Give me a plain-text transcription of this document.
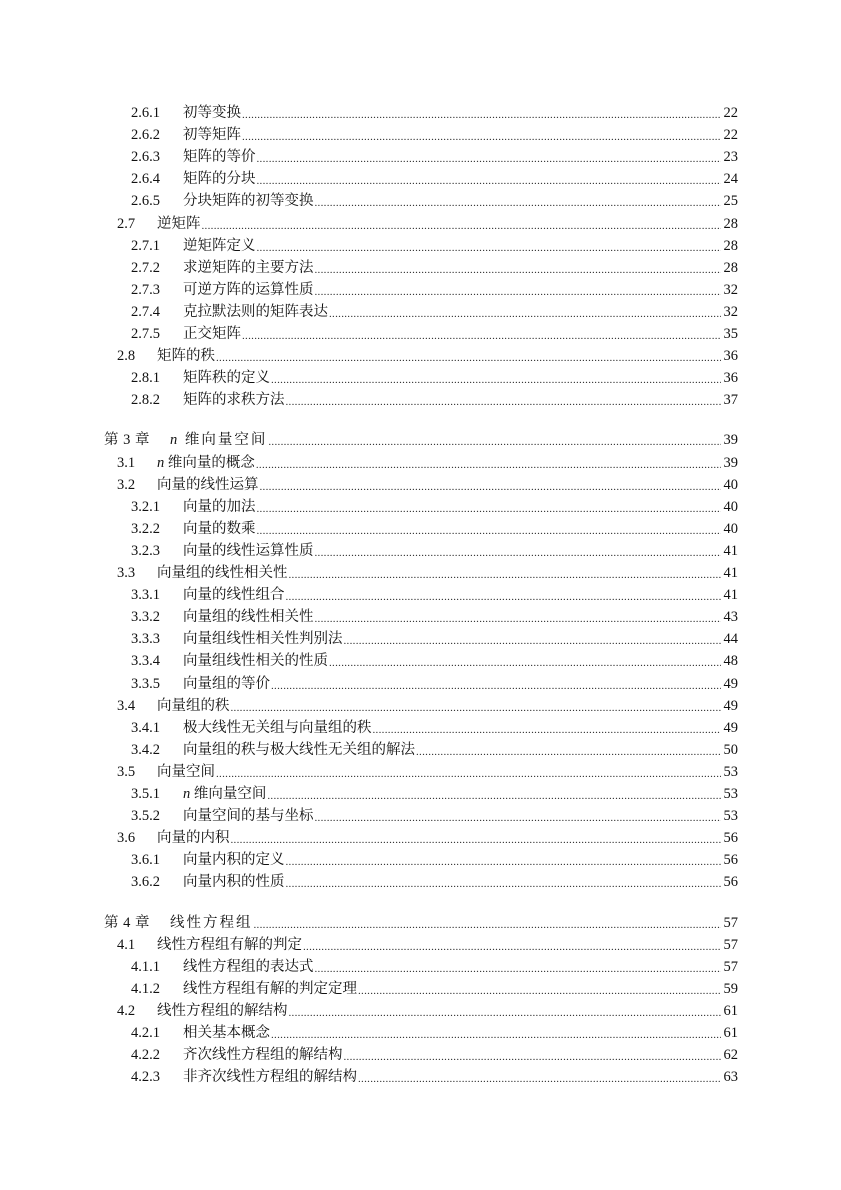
2.6.1	初等变换 .....	22
2.6.2	初等矩阵 .....	22
2.6.3	矩阵的等价 .....	23
2.6.4	矩阵的分块 .....	24
2.6.5	分块矩阵的初等变换 .....	25
2.7	逆矩阵 .....	28
2.7.1	逆矩阵定义 .....	28
2.7.2	求逆矩阵的主要方法 .....	28
2.7.3	可逆方阵的运算性质 .....	32
2.7.4	克拉默法则的矩阵表达 .....	32
2.7.5	正交矩阵 .....	35
2.8	矩阵的秩 .....	36
2.8.1	矩阵秩的定义 .....	36
2.8.2	矩阵的求秩方法 .....	37
第 3 章	n 维向量空间 .....	39
3.1	n 维向量的概念 .....	39
3.2	向量的线性运算 .....	40
3.2.1	向量的加法 .....	40
3.2.2	向量的数乘 .....	40
3.2.3	向量的线性运算性质 .....	41
3.3	向量组的线性相关性 .....	41
3.3.1	向量的线性组合 .....	41
3.3.2	向量组的线性相关性 .....	43
3.3.3	向量组线性相关性判别法 .....	44
3.3.4	向量组线性相关的性质 .....	48
3.3.5	向量组的等价 .....	49
3.4	向量组的秩 .....	49
3.4.1	极大线性无关组与向量组的秩 .....	49
3.4.2	向量组的秩与极大线性无关组的解法 .....	50
3.5	向量空间 .....	53
3.5.1	n 维向量空间 .....	53
3.5.2	向量空间的基与坐标 .....	53
3.6	向量的内积 .....	56
3.6.1	向量内积的定义 .....	56
3.6.2	向量内积的性质 .....	56
第 4 章	线性方程组 .....	57
4.1	线性方程组有解的判定 .....	57
4.1.1	线性方程组的表达式 .....	57
4.1.2	线性方程组有解的判定定理 .....	59
4.2	线性方程组的解结构 .....	61
4.2.1	相关基本概念 .....	61
4.2.2	齐次线性方程组的解结构 .....	62
4.2.3	非齐次线性方程组的解结构 .....	63
